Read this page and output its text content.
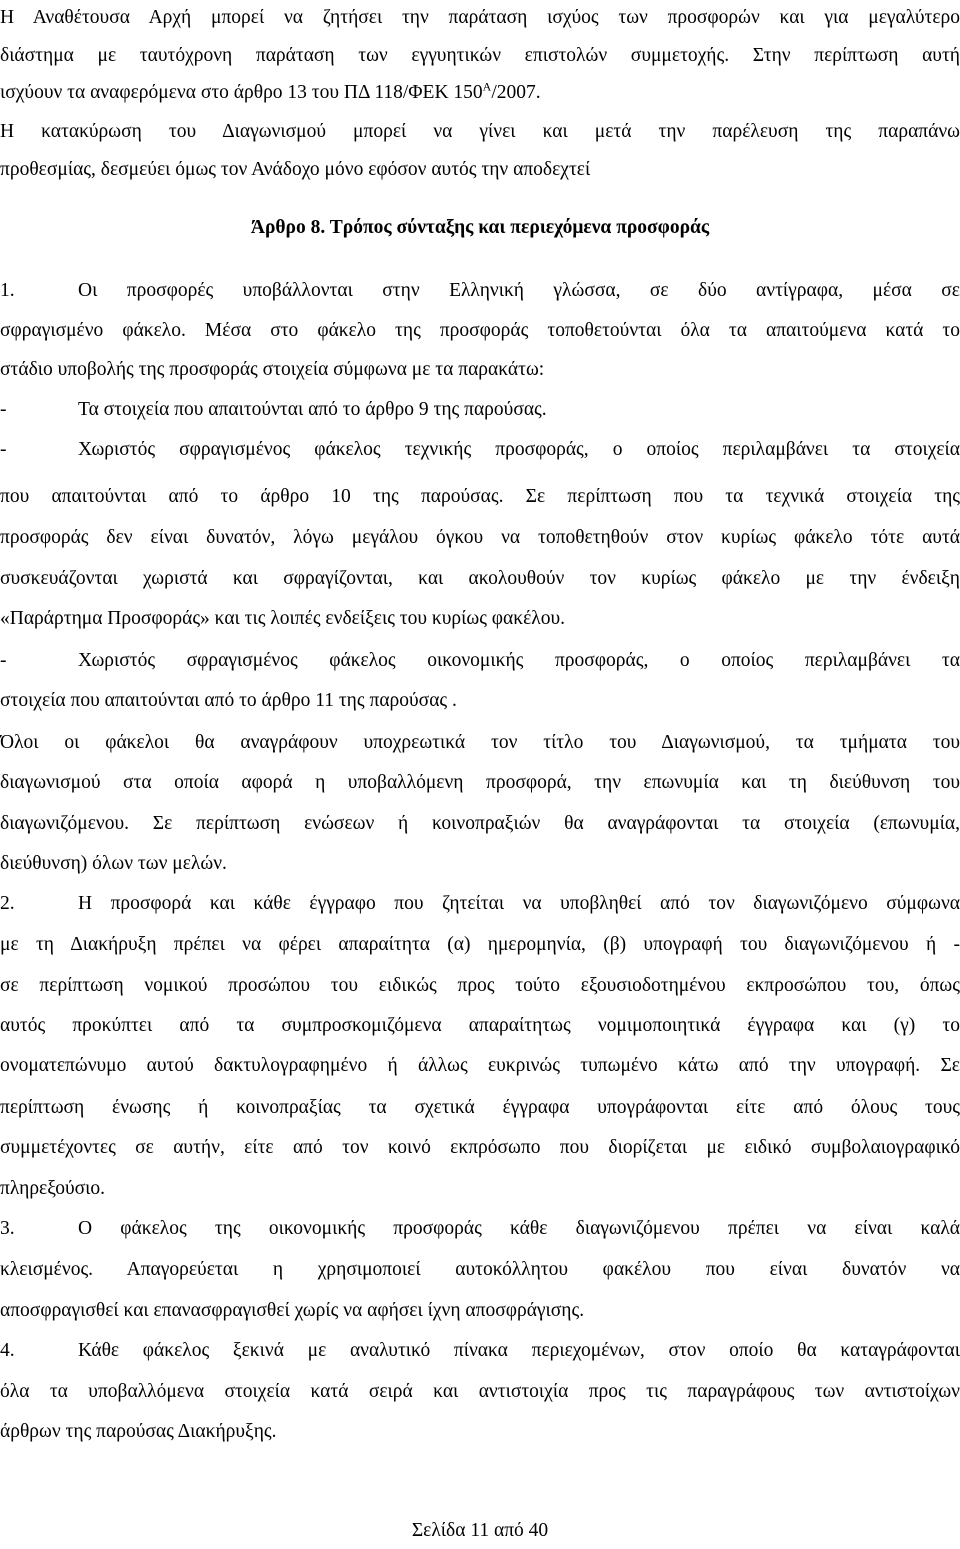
Η Αναθέτουσα Αρχή μπορεί να ζητήσει την παράταση ισχύος των προσφορών και για μεγαλύτερο
διάστημα με ταυτόχρονη παράταση των εγγυητικών επιστολών συμμετοχής. Στην περίπτωση αυτή
ισχύουν τα αναφερόμενα στο άρθρο 13 του ΠΔ 118/ΦΕΚ $150^A/2007$.
Η κατακύρωση του Διαγωνισμού μπορεί να γίνει και μετά την παρέλευση της παραπάνω
προθεσμίας, δεσμεύει όμως τον Ανάδοχο μόνο εφόσον αυτός την αποδεχτεί
Άρθρο 8. Τρόπος σύνταξης και περιεχόμενα προσφοράς
1.	Οι προσφορές υποβάλλονται στην Ελληνική γλώσσα, σε δύο αντίγραφα, μέσα σε
σφραγισμένο φάκελο. Μέσα στο φάκελο της προσφοράς τοποθετούνται όλα τα απαιτούμενα κατά το
στάδιο υποβολής της προσφοράς στοιχεία σύμφωνα με τα παρακάτω:
-	Τα στοιχεία που απαιτούνται από το άρθρο 9 της παρούσας.
-	Χωριστός σφραγισμένος φάκελος τεχνικής προσφοράς, ο οποίος περιλαμβάνει τα στοιχεία
που απαιτούνται από το άρθρο 10 της παρούσας. Σε περίπτωση που τα τεχνικά στοιχεία της
προσφοράς δεν είναι δυνατόν, λόγω μεγάλου όγκου να τοποθετηθούν στον κυρίως φάκελο τότε αυτά
συσκευάζονται χωριστά και σφραγίζονται, και ακολουθούν τον κυρίως φάκελο με την ένδειξη
«Παράρτημα Προσφοράς» και τις λοιπές ενδείξεις του κυρίως φακέλου.
-	Χωριστός σφραγισμένος φάκελος οικονομικής προσφοράς, ο οποίος περιλαμβάνει τα
στοιχεία που απαιτούνται από το άρθρο 11 της παρούσας .
Όλοι οι φάκελοι θα αναγράφουν υποχρεωτικά τον τίτλο του Διαγωνισμού, τα τμήματα του
διαγωνισμού στα οποία αφορά η υποβαλλόμενη προσφορά, την επωνυμία και τη διεύθυνση του
διαγωνιζόμενου. Σε περίπτωση ενώσεων ή κοινοπραξιών θα αναγράφονται τα στοιχεία (επωνυμία,
διεύθυνση) όλων των μελών.
2.	Η προσφορά και κάθε έγγραφο που ζητείται να υποβληθεί από τον διαγωνιζόμενο σύμφωνα
με τη Διακήρυξη πρέπει να φέρει απαραίτητα (α) ημερομηνία, (β) υπογραφή του διαγωνιζόμενου ή -
σε περίπτωση νομικού προσώπου του ειδικώς προς τούτο εξουσιοδοτημένου εκπροσώπου του, όπως
αυτός προκύπτει από τα συμπροσκομιζόμενα απαραίτητως νομιμοποιητικά έγγραφα και (γ) το
ονοματεπώνυμο αυτού δακτυλογραφημένο ή άλλως ευκρινώς τυπωμένο κάτω από την υπογραφή. Σε
περίπτωση ένωσης ή κοινοπραξίας τα σχετικά έγγραφα υπογράφονται είτε από όλους τους
συμμετέχοντες σε αυτήν, είτε από τον κοινό εκπρόσωπο που διορίζεται με ειδικό συμβολαιογραφικό
πληρεξούσιο.
3.	Ο φάκελος της οικονομικής προσφοράς κάθε διαγωνιζόμενου πρέπει να είναι καλά
κλεισμένος. Απαγορεύεται η χρησιμοποιεί αυτοκόλλητου φακέλου που είναι δυνατόν να
αποσφραγισθεί και επανασφραγισθεί χωρίς να αφήσει ίχνη αποσφράγισης.
4.	Κάθε φάκελος ξεκινά με αναλυτικό πίνακα περιεχομένων, στον οποίο θα καταγράφονται
όλα τα υποβαλλόμενα στοιχεία κατά σειρά και αντιστοιχία προς τις παραγράφους των αντιστοίχων
άρθρων της παρούσας Διακήρυξης.
Σελίδα 11 από 40
